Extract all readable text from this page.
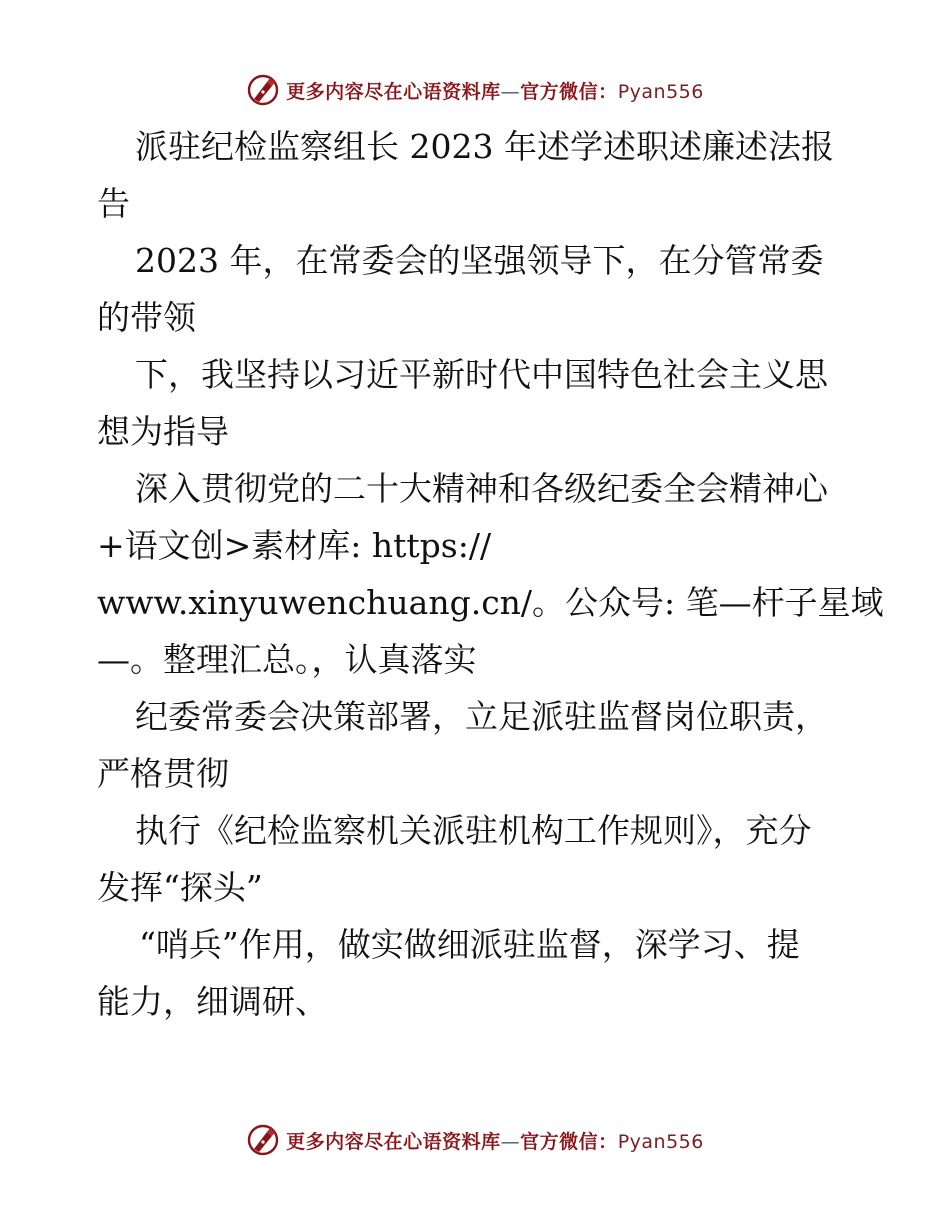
更多内容尽在心语资料库—官方微信：Pyan556
派驻纪检监察组长 2023 年述学述职述廉述法报
告
2023 年，在常委会的坚强领导下，在分管常委
的带领
下，我坚持以习近平新时代中国特色社会主义思
想为指导
深入贯彻党的二十大精神和各级纪委全会精神心
+语文创>素材库: https://
www.xinyuwenchuang.cn/。公众号: 笔—杆子星域
—。整理汇总。，认真落实
纪委常委会决策部署，立足派驻监督岗位职责，
严格贯彻
执行《纪检监察机关派驻机构工作规则》，充分
发挥“探头”
“哨兵”作用，做实做细派驻监督，深学习、提
能力，细调研、
更多内容尽在心语资料库—官方微信：Pyan556
